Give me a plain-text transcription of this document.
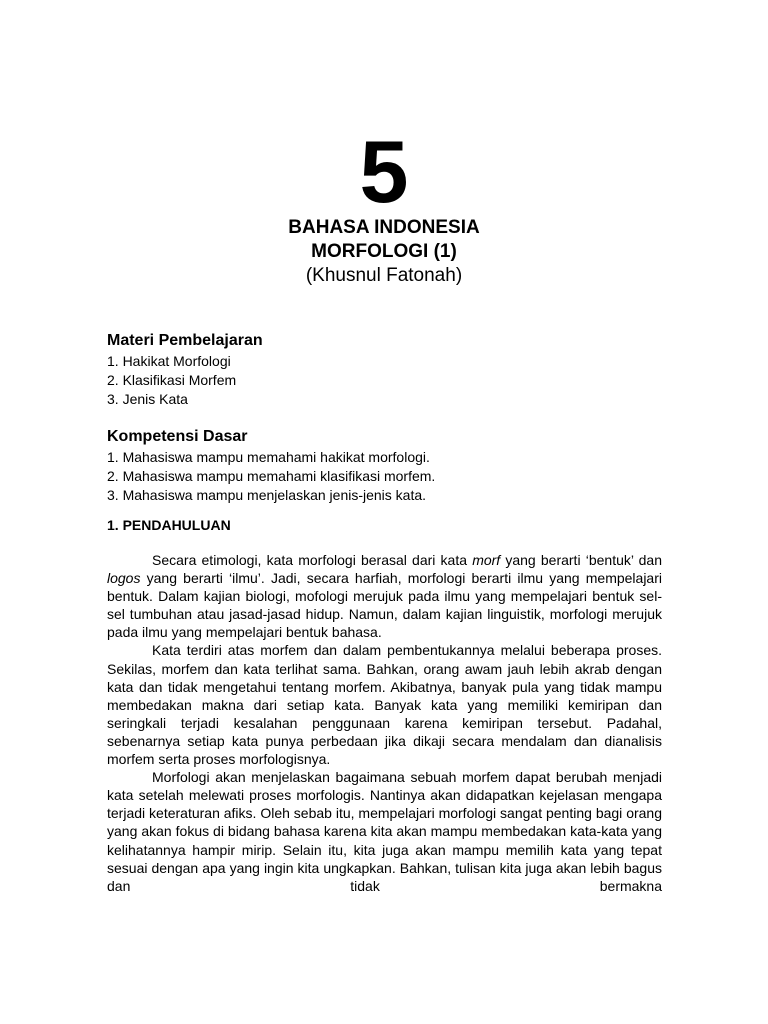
5
BAHASA INDONESIA
MORFOLOGI (1)
(Khusnul Fatonah)
Materi Pembelajaran
1. Hakikat Morfologi
2. Klasifikasi Morfem
3. Jenis Kata
Kompetensi Dasar
1. Mahasiswa mampu memahami hakikat morfologi.
2. Mahasiswa mampu memahami klasifikasi morfem.
3. Mahasiswa mampu menjelaskan jenis-jenis kata.
1. PENDAHULUAN

Secara etimologi, kata morfologi berasal dari kata morf yang berarti ‘bentuk’ dan logos yang berarti ‘ilmu’. Jadi, secara harfiah, morfologi berarti ilmu yang mempelajari bentuk. Dalam kajian biologi, mofologi merujuk pada ilmu yang mempelajari bentuk sel-sel tumbuhan atau jasad-jasad hidup. Namun, dalam kajian linguistik, morfologi merujuk pada ilmu yang mempelajari bentuk bahasa.

Kata terdiri atas morfem dan dalam pembentukannya melalui beberapa proses. Sekilas, morfem dan kata terlihat sama. Bahkan, orang awam jauh lebih akrab dengan kata dan tidak mengetahui tentang morfem. Akibatnya, banyak pula yang tidak mampu membedakan makna dari setiap kata. Banyak kata yang memiliki kemiripan dan seringkali terjadi kesalahan penggunaan karena kemiripan tersebut. Padahal, sebenarnya setiap kata punya perbedaan jika dikaji secara mendalam dan dianalisis morfem serta proses morfologisnya.

Morfologi akan menjelaskan bagaimana sebuah morfem dapat berubah menjadi kata setelah melewati proses morfologis. Nantinya akan didapatkan kejelasan mengapa terjadi keteraturan afiks. Oleh sebab itu, mempelajari morfologi sangat penting bagi orang yang akan fokus di bidang bahasa karena kita akan mampu membedakan kata-kata yang kelihatannya hampir mirip. Selain itu, kita juga akan mampu memilih kata yang tepat sesuai dengan apa yang ingin kita ungkapkan. Bahkan, tulisan kita juga akan lebih bagus dan tidak bermakna
